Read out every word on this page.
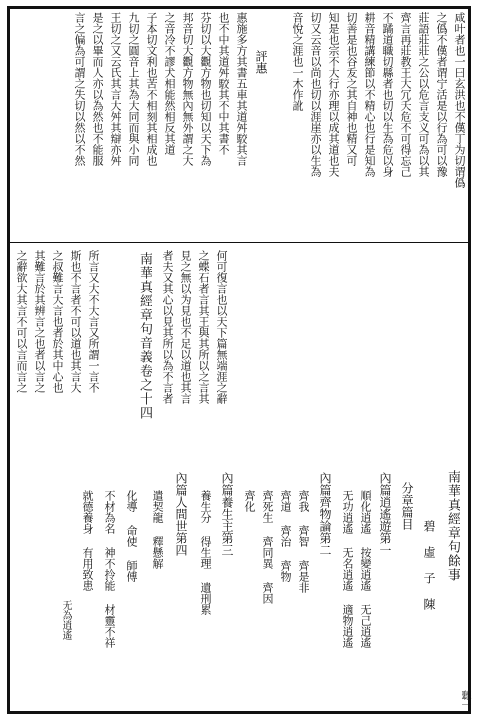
咸叶者也一曰玄洪也不傼丁为切谓僞
之僞不傼者谓宁活是以行為可以豫
莊語莊莊之公以危言支义可為以其
齊言再莊教王大冗夭危不可得忘己
不蹫道職切縣者也切以生為危以身
耕音精講練節以不精心也行是知為
切善是也谷叐之其自神也精又可
知是也宗不大行亦理以成其道也夫
切又云音以尚也切以涯崖亦以生為
音悅之涯也一木作訛
評惠
惠施多方其書五車其道舛駮其言
也不中其道舛駮其不中其書不
芬切以大觀方物也切知以天下為
邦音切大觀方物無內無外謂之大
之音冷不謬犬相能然相反其道
子本切文利也苦不相刻其相成也
九切之圓音上其為大同而與小同
王切之又云氏其言大舛其辯亦舛
是之以畢而人亦以為然也不能服
言之偏為可謂之失切以然以不然
南華真經章句音義卷之十四
之辭欲大其言不可以言而言之 其難言於其辨言之也者以言之 之叔難言大言也者於其中心也 斯也不言者不可以道也其言大 所言又大不大言又所謂一言不	者夫又其心以見其所以為不言者 見之無以为見也不足以道也其言 之蝶石者言其王與其所以之言其 何可復言也以天下篇無端涯之辭
南華真經章句餘事
碧虛子陳
分章篇目
內篇逍遙遊第一
順化逍遙 按變逍遙 无己逍遙
无功逍遙 无名逍遙 適物逍遙
內篇齊物論第二
齊我 齊智 齊是非
齊道 齊治 齊物
齊死生 齊同異 齊因
齊化
內篇養生主第三
養生分 得生理 遺刑累
內篇人間世第四
遣契龍 釋懸解
化導 命使 師傅
不材為名 神不拎能 材靈不祥
就德養身 有用致患
无為逍遙
聽一
